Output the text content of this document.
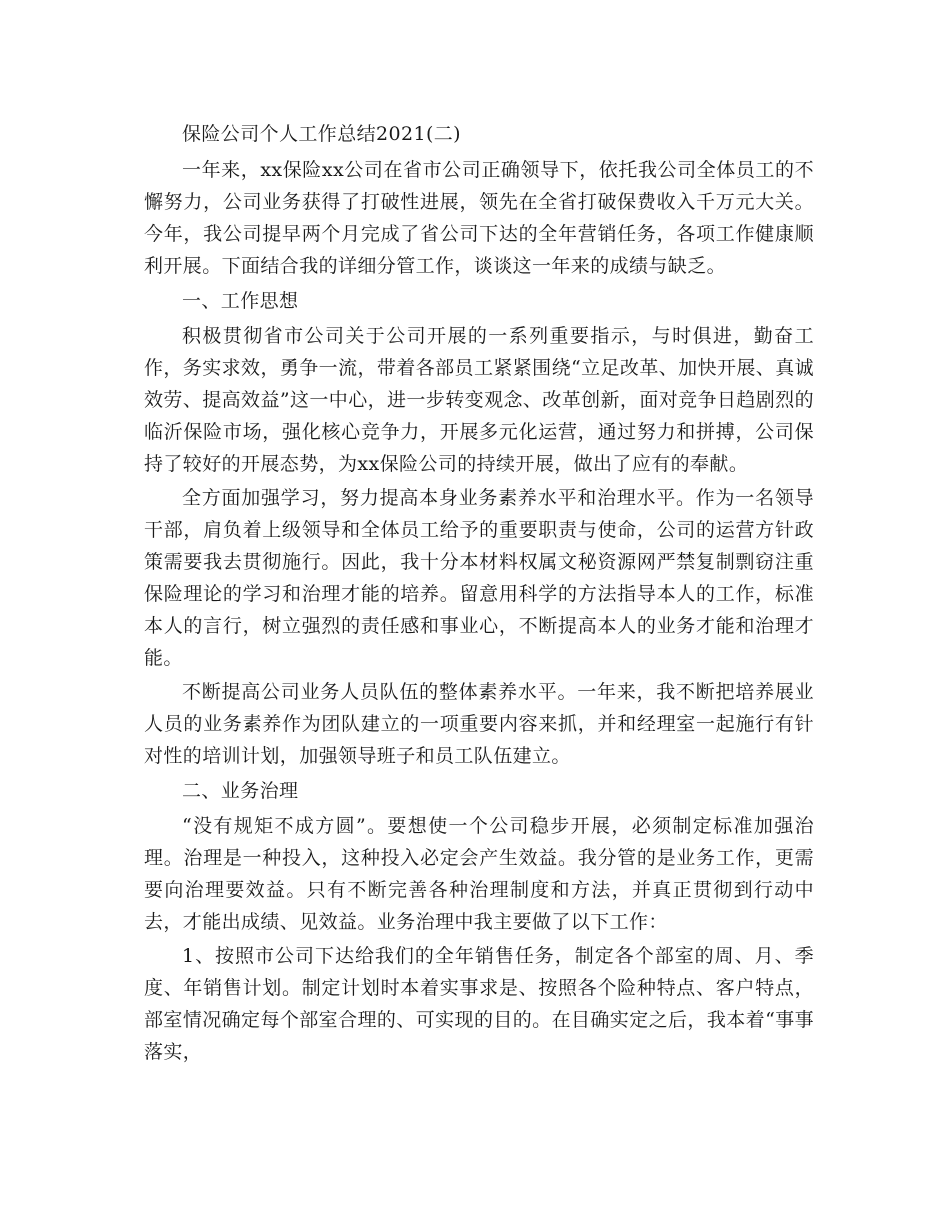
保险公司个人工作总结2021(二)

一年来，xx保险xx公司在省市公司正确领导下，依托我公司全体员工的不懈努力，公司业务获得了打破性进展，领先在全省打破保费收入千万元大关。今年，我公司提早两个月完成了省公司下达的全年营销任务，各项工作健康顺利开展。下面结合我的详细分管工作，谈谈这一年来的成绩与缺乏。

一、工作思想

积极贯彻省市公司关于公司开展的一系列重要指示，与时俱进，勤奋工作，务实求效，勇争一流，带着各部员工紧紧围绕“立足改革、加快开展、真诚效劳、提高效益”这一中心，进一步转变观念、改革创新，面对竞争日趋剧烈的临沂保险市场，强化核心竞争力，开展多元化运营，通过努力和拼搏，公司保持了较好的开展态势，为xx保险公司的持续开展，做出了应有的奉献。

全方面加强学习，努力提高本身业务素养水平和治理水平。作为一名领导干部，肩负着上级领导和全体员工给予的重要职责与使命，公司的运营方针政策需要我去贯彻施行。因此，我十分本材料权属文秘资源网严禁复制剽窃注重保险理论的学习和治理才能的培养。留意用科学的方法指导本人的工作，标准本人的言行，树立强烈的责任感和事业心，不断提高本人的业务才能和治理才能。

不断提高公司业务人员队伍的整体素养水平。一年来，我不断把培养展业人员的业务素养作为团队建立的一项重要内容来抓，并和经理室一起施行有针对性的培训计划，加强领导班子和员工队伍建立。

二、业务治理

“没有规矩不成方圆”。要想使一个公司稳步开展，必须制定标准加强治理。治理是一种投入，这种投入必定会产生效益。我分管的是业务工作，更需要向治理要效益。只有不断完善各种治理制度和方法，并真正贯彻到行动中去，才能出成绩、见效益。业务治理中我主要做了以下工作：

1、按照市公司下达给我们的全年销售任务，制定各个部室的周、月、季度、年销售计划。制定计划时本着实事求是、按照各个险种特点、客户特点，部室情况确定每个部室合理的、可实现的目的。在目确实定之后，我本着“事事落实，
